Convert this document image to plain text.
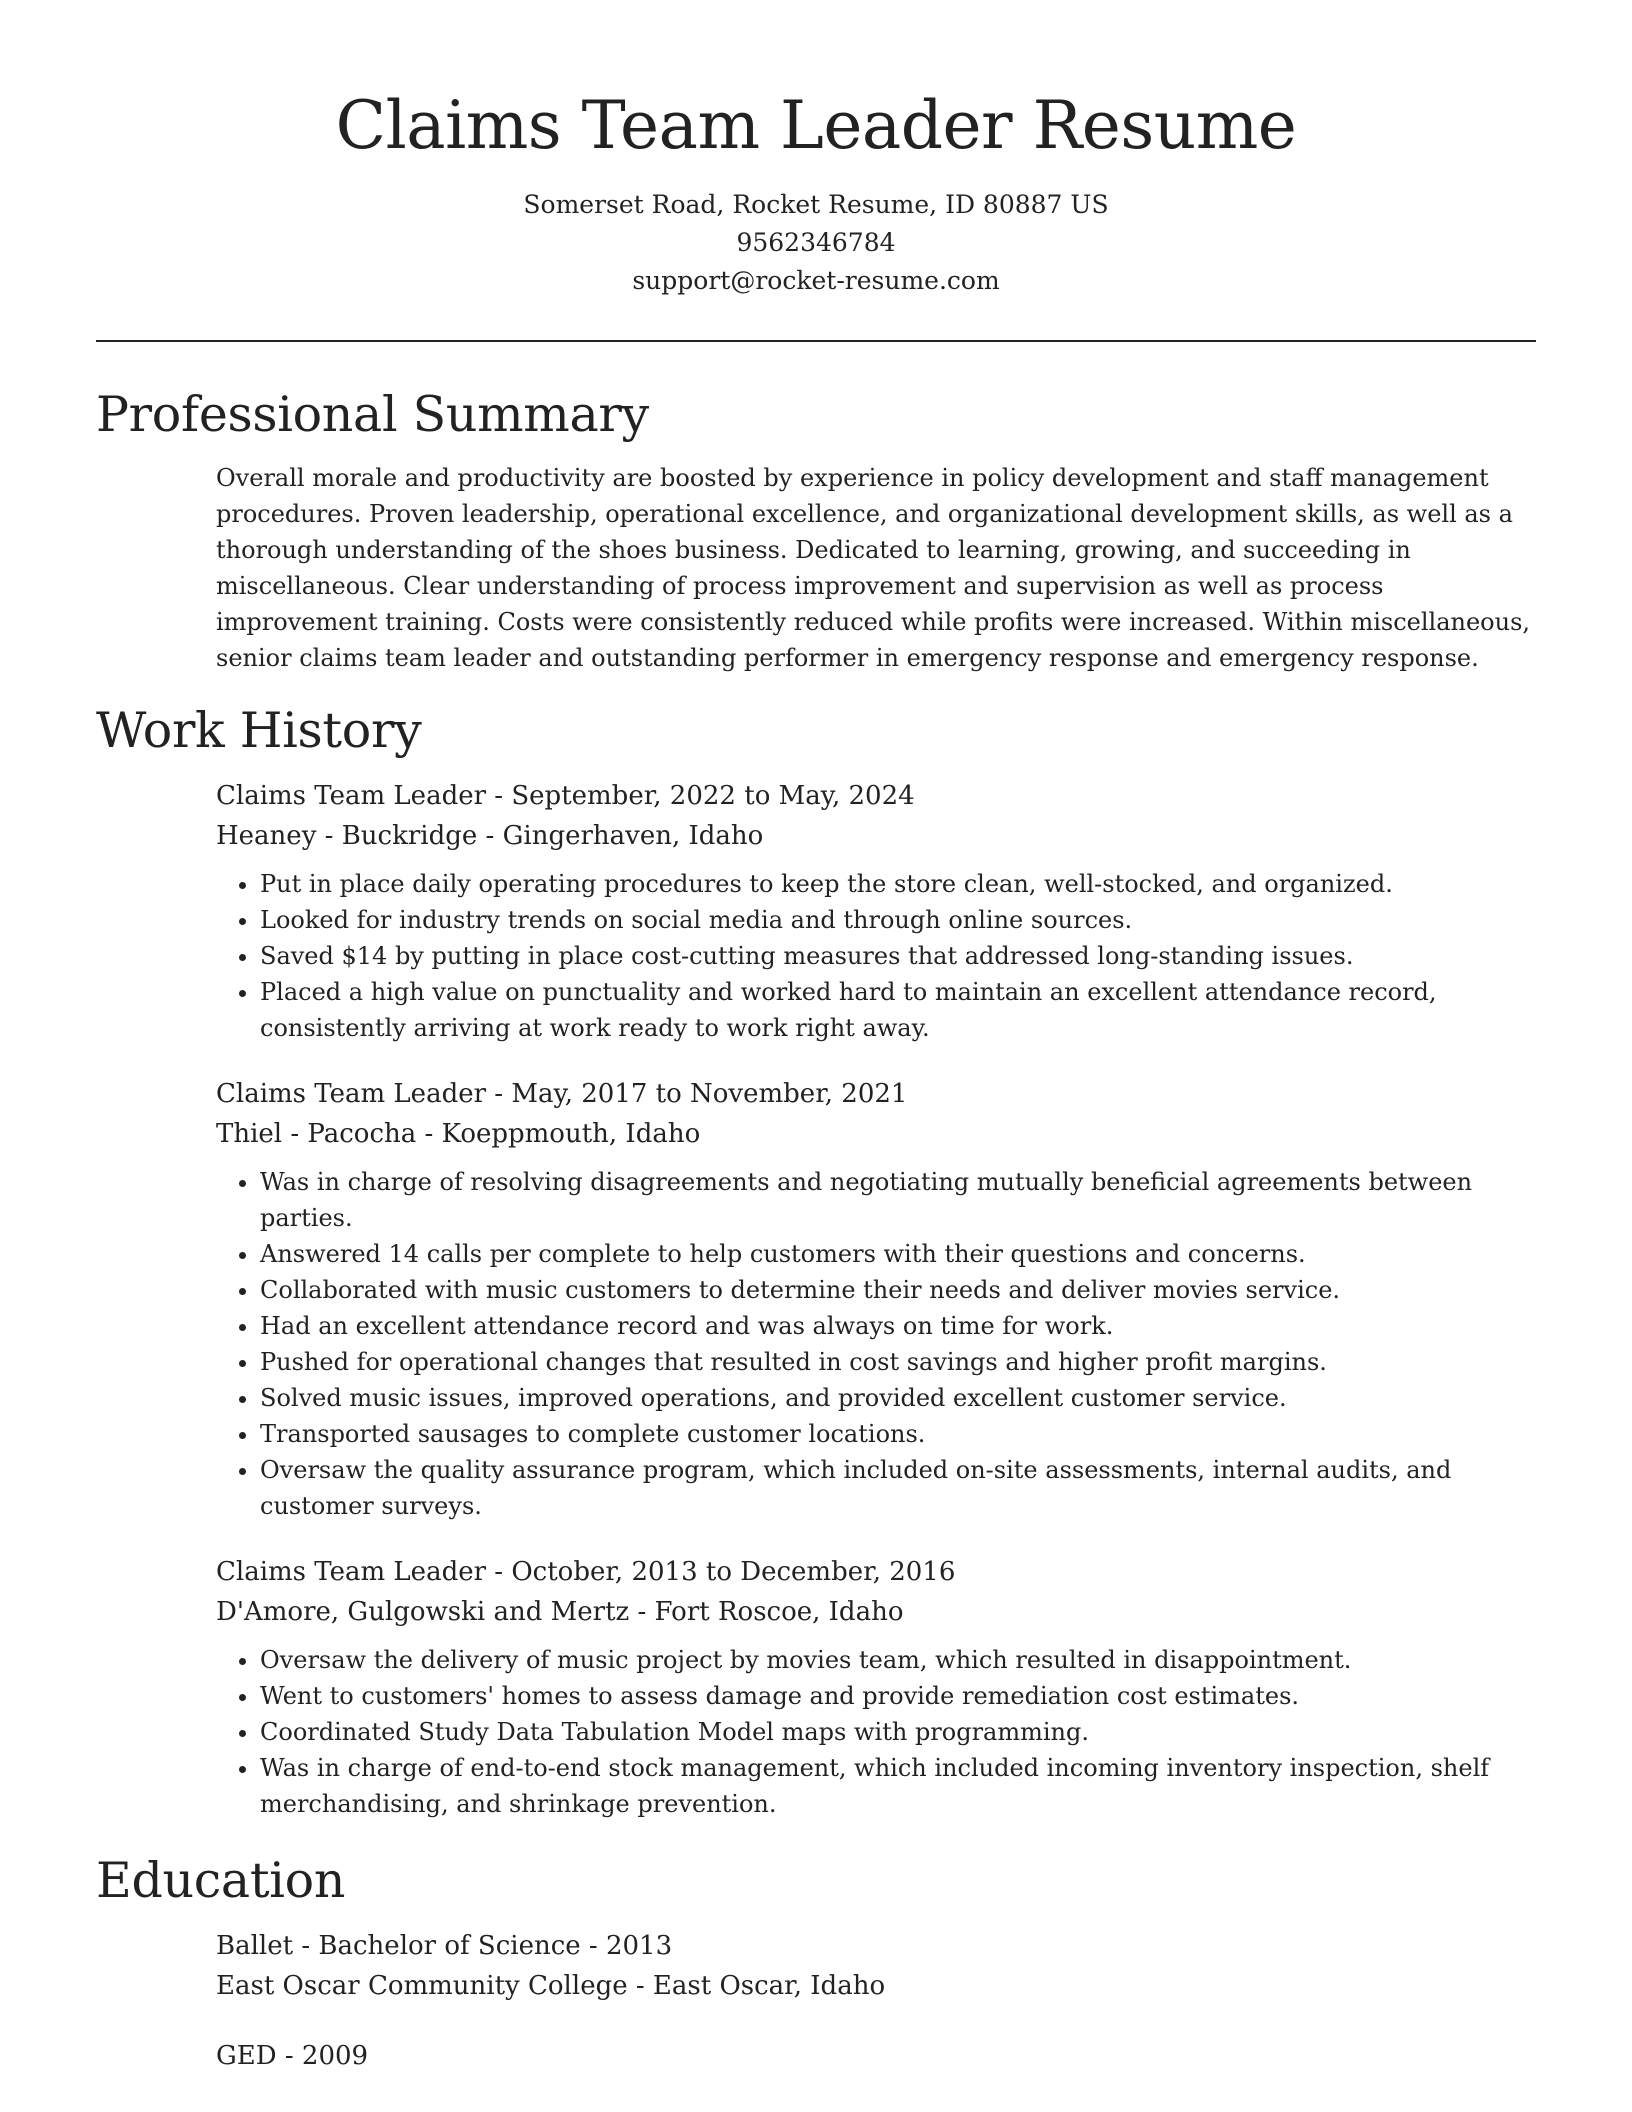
Claims Team Leader Resume

Somerset Road, Rocket Resume, ID 80887 US

9562346784

support@rocket-resume.com

Professional Summary

Overall morale and productivity are boosted by experience in policy development and staff management procedures. Proven leadership, operational excellence, and organizational development skills, as well as a thorough understanding of the shoes business. Dedicated to learning, growing, and succeeding in miscellaneous. Clear understanding of process improvement and supervision as well as process improvement training. Costs were consistently reduced while profits were increased. Within miscellaneous, senior claims team leader and outstanding performer in emergency response and emergency response.

Work History

Claims Team Leader - September, 2022 to May, 2024

Heaney - Buckridge - Gingerhaven, Idaho

• Put in place daily operating procedures to keep the store clean, well-stocked, and organized.
• Looked for industry trends on social media and through online sources.
• Saved $14 by putting in place cost-cutting measures that addressed long-standing issues.
• Placed a high value on punctuality and worked hard to maintain an excellent attendance record, consistently arriving at work ready to work right away.

Claims Team Leader - May, 2017 to November, 2021

Thiel - Pacocha - Koeppmouth, Idaho

• Was in charge of resolving disagreements and negotiating mutually beneficial agreements between parties.
• Answered 14 calls per complete to help customers with their questions and concerns.
• Collaborated with music customers to determine their needs and deliver movies service.
• Had an excellent attendance record and was always on time for work.
• Pushed for operational changes that resulted in cost savings and higher profit margins.
• Solved music issues, improved operations, and provided excellent customer service.
• Transported sausages to complete customer locations.
• Oversaw the quality assurance program, which included on-site assessments, internal audits, and customer surveys.

Claims Team Leader - October, 2013 to December, 2016

D'Amore, Gulgowski and Mertz - Fort Roscoe, Idaho

• Oversaw the delivery of music project by movies team, which resulted in disappointment.
• Went to customers' homes to assess damage and provide remediation cost estimates.
• Coordinated Study Data Tabulation Model maps with programming.
• Was in charge of end-to-end stock management, which included incoming inventory inspection, shelf merchandising, and shrinkage prevention.
Education

Ballet - Bachelor of Science - 2013

East Oscar Community College - East Oscar, Idaho

GED - 2009
